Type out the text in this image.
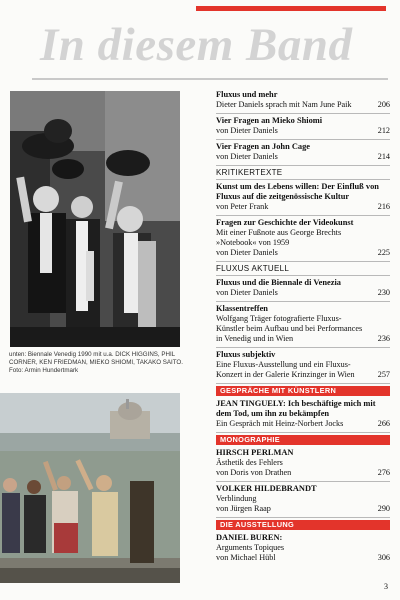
In diesem Band
unten: Biennale Venedig 1990 mit u.a. DICK HIGGINS, PHIL CORNER, KEN FRIEDMAN, MIEKO SHIOMI, TAKAKO SAITO. Foto: Armin Hundertmark
Fluxus und mehr
Dieter Daniels sprach mit Nam June Paik	206
Vier Fragen an Mieko Shiomi
von Dieter Daniels	212
Vier Fragen an John Cage
von Dieter Daniels	214
KRITIKERTEXTE
Kunst um des Lebens willen: Der Einfluß von Fluxus auf die zeitgenössische Kultur
von Peter Frank	216
Fragen zur Geschichte der Videokunst
Mit einer Fußnote aus George Brechts »Notebook« von 1959
von Dieter Daniels	225
FLUXUS AKTUELL
Fluxus und die Biennale di Venezia
von Dieter Daniels	230
Klassentreffen
Wolfgang Träger fotografierte Fluxus-Künstler beim Aufbau und bei Performances in Venedig und in Wien	236
Fluxus subjektiv
Eine Fluxus-Ausstellung und ein Fluxus-Konzert in der Galerie Krinzinger in Wien	257
GESPRÄCHE MIT KÜNSTLERN
JEAN TINGUELY: Ich beschäftige mich mit dem Tod, um ihn zu bekämpfen
Ein Gespräch mit Heinz-Norbert Jocks	266
MONOGRAPHIE
HIRSCH PERLMAN
Ästhetik des Fehlers
von Doris von Drathen	276
VOLKER HILDEBRANDT
Verblindung
von Jürgen Raap	290
DIE AUSSTELLUNG
DANIEL BUREN:
Arguments Topiques
von Michael Hübl	306
3
